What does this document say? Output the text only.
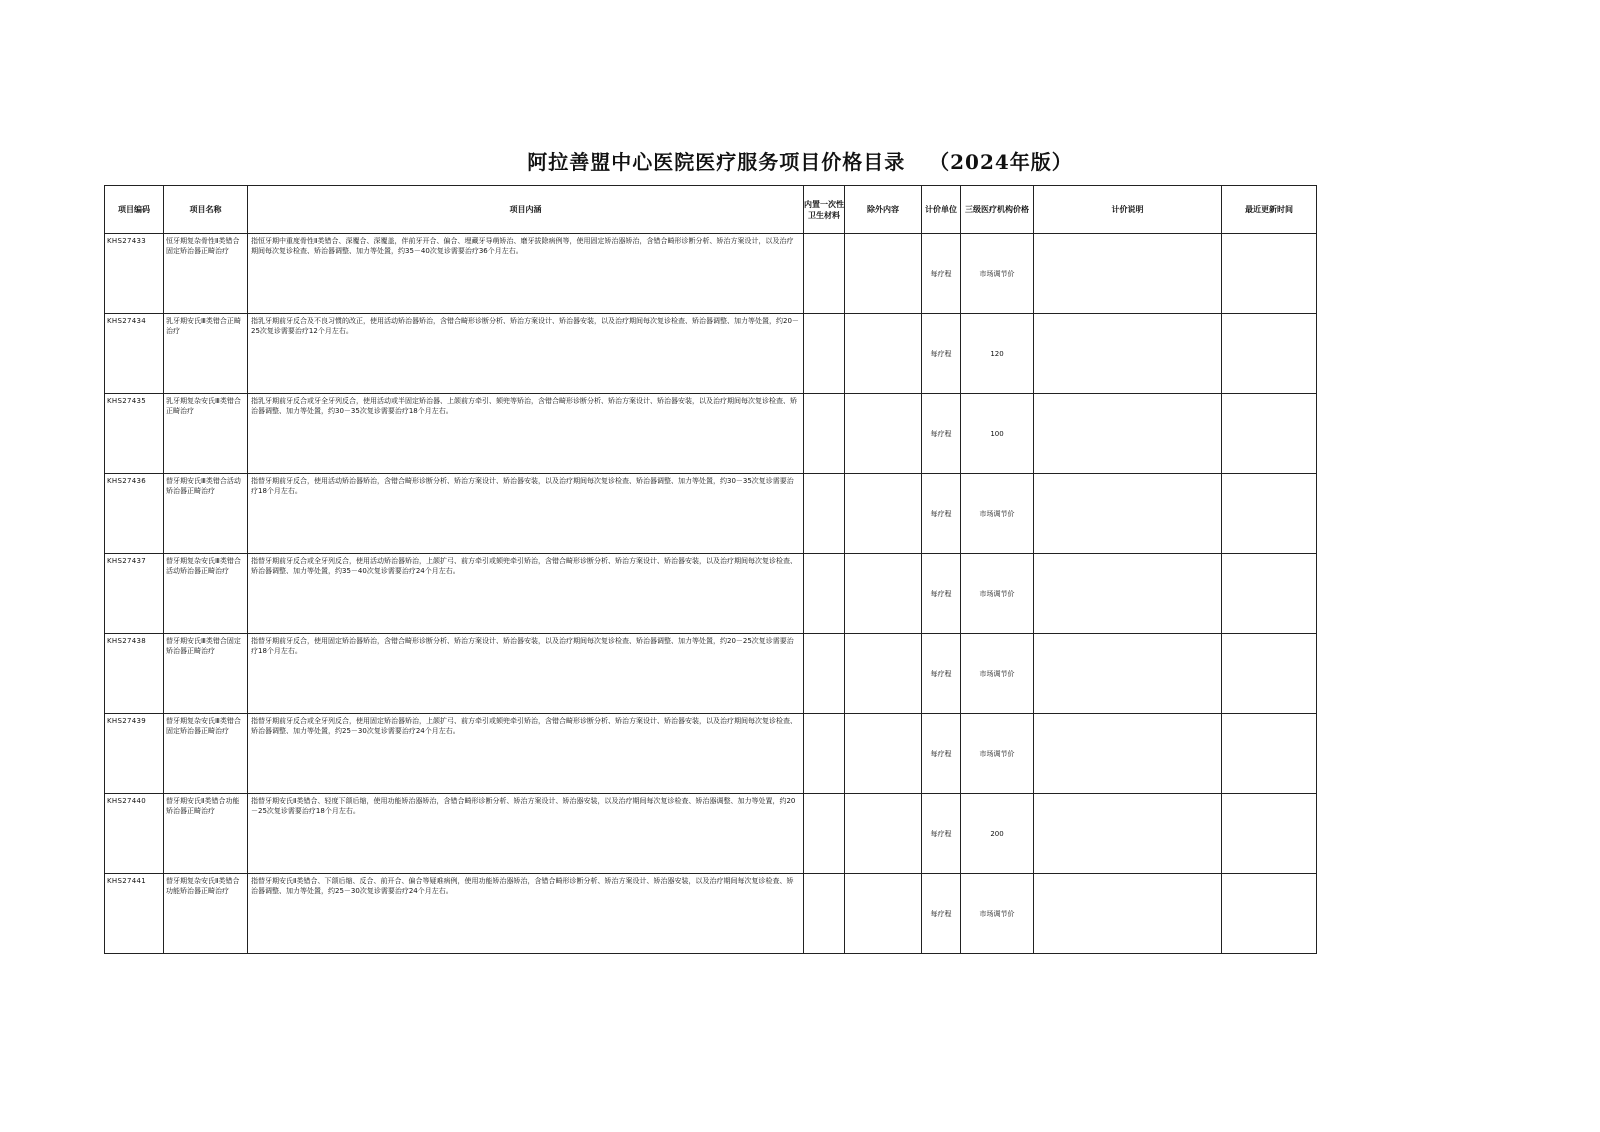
阿拉善盟中心医院医疗服务项目价格目录   （2024年版）
项目编码	项目名称	项目内涵	内置一次性卫生材料	除外内容	计价单位	三级医疗机构价格	计价说明	最近更新时间
KHS27433	恒牙期复杂骨性Ⅱ类错合固定矫治器正畸治疗	指恒牙期中重度骨性Ⅱ类错合、深覆合、深覆盖，伴前牙开合、偏合、埋藏牙导萌矫治、磨牙拔除病例等，使用固定矫治器矫治，含错合畸形诊断分析、矫治方案设计，以及治疗期间每次复诊检查、矫治器调整、加力等处置，约35－40次复诊需要治疗36个月左右。			每疗程	市场调节价		
KHS27434	乳牙期安氏Ⅲ类错合正畸治疗	指乳牙期前牙反合及不良习惯的改正，使用活动矫治器矫治，含错合畸形诊断分析、矫治方案设计、矫治器安装，以及治疗期间每次复诊检查、矫治器调整、加力等处置，约20－25次复诊需要治疗12个月左右。			每疗程	120		
KHS27435	乳牙期复杂安氏Ⅲ类错合正畸治疗	指乳牙期前牙反合或牙全牙列反合，使用活动或半固定矫治器、上颌前方牵引、颏兜等矫治，含错合畸形诊断分析、矫治方案设计、矫治器安装，以及治疗期间每次复诊检查、矫治器调整、加力等处置，约30－35次复诊需要治疗18个月左右。			每疗程	100		
KHS27436	替牙期安氏Ⅲ类错合活动矫治器正畸治疗	指替牙期前牙反合，使用活动矫治器矫治，含错合畸形诊断分析、矫治方案设计、矫治器安装，以及治疗期间每次复诊检查、矫治器调整、加力等处置，约30－35次复诊需要治疗18个月左右。			每疗程	市场调节价		
KHS27437	替牙期复杂安氏Ⅲ类错合活动矫治器正畸治疗	指替牙期前牙反合或全牙列反合，使用活动矫治器矫治，上颌扩弓、前方牵引或颏兜牵引矫治，含错合畸形诊断分析、矫治方案设计、矫治器安装，以及治疗期间每次复诊检查、矫治器调整、加力等处置，约35－40次复诊需要治疗24个月左右。			每疗程	市场调节价		
KHS27438	替牙期安氏Ⅲ类错合固定矫治器正畸治疗	指替牙期前牙反合，使用固定矫治器矫治，含错合畸形诊断分析、矫治方案设计、矫治器安装，以及治疗期间每次复诊检查、矫治器调整、加力等处置，约20－25次复诊需要治疗18个月左右。			每疗程	市场调节价		
KHS27439	替牙期复杂安氏Ⅲ类错合固定矫治器正畸治疗	指替牙期前牙反合或全牙列反合，使用固定矫治器矫治，上颌扩弓、前方牵引或颏兜牵引矫治，含错合畸形诊断分析、矫治方案设计、矫治器安装，以及治疗期间每次复诊检查、矫治器调整、加力等处置，约25－30次复诊需要治疗24个月左右。			每疗程	市场调节价		
KHS27440	替牙期安氏Ⅱ类错合功能矫治器正畸治疗	指替牙期安氏Ⅱ类错合、轻度下颌后缩，使用功能矫治器矫治，含错合畸形诊断分析、矫治方案设计、矫治器安装，以及治疗期间每次复诊检查、矫治器调整、加力等处置，约20－25次复诊需要治疗18个月左右。			每疗程	200		
KHS27441	替牙期复杂安氏Ⅱ类错合功能矫治器正畸治疗	指替牙期安氏Ⅱ类错合、下颌后缩、反合、前开合、偏合等疑难病例，使用功能矫治器矫治，含错合畸形诊断分析、矫治方案设计、矫治器安装，以及治疗期间每次复诊检查、矫治器调整、加力等处置，约25－30次复诊需要治疗24个月左右。			每疗程	市场调节价		
